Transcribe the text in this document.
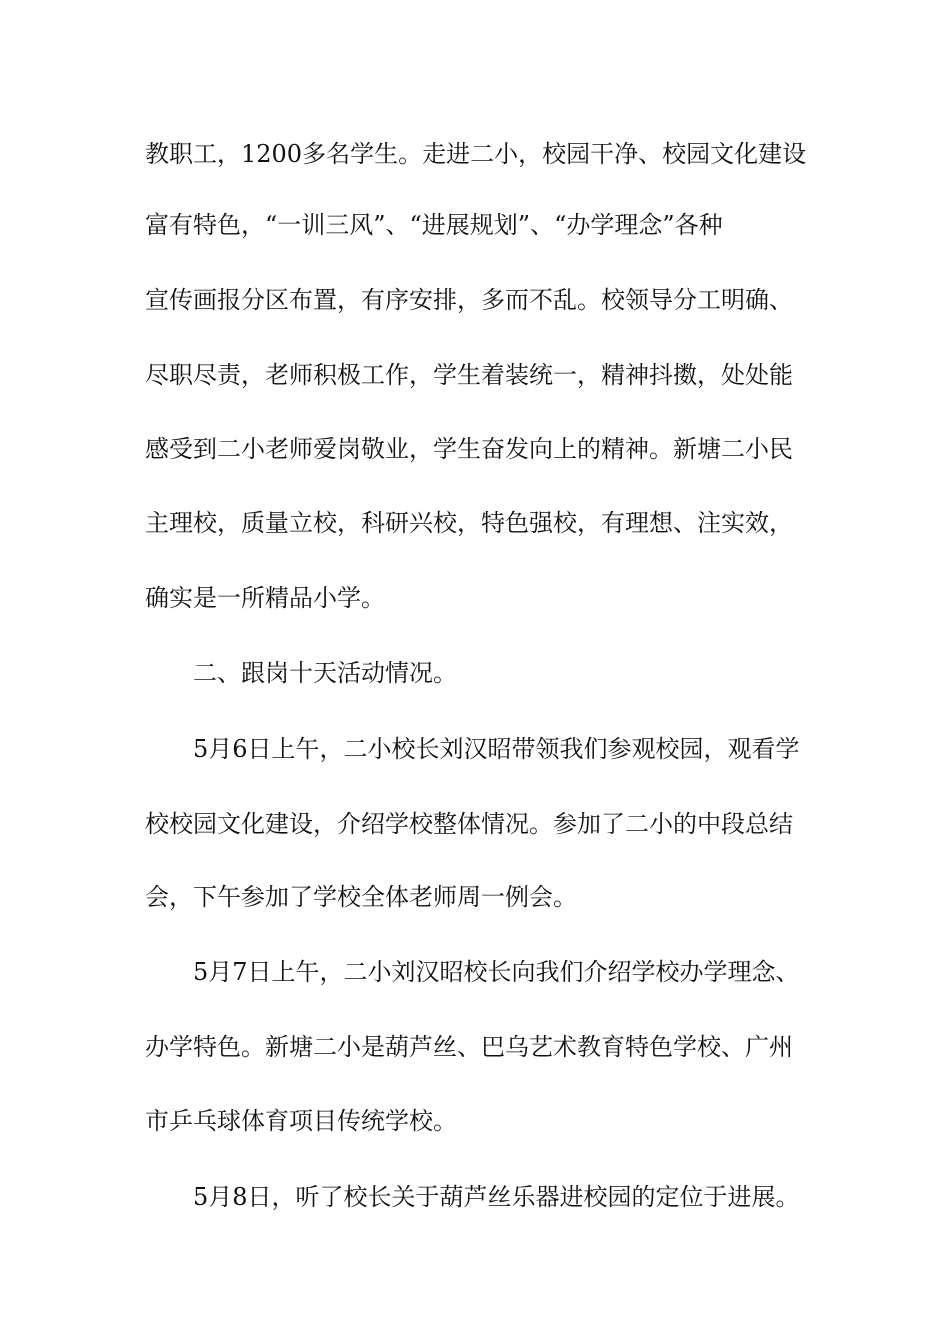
教职工，1200多名学生。走进二小，校园干净、校园文化建设
富有特色，“一训三风”、“进展规划”、“办学理念”各种
宣传画报分区布置，有序安排，多而不乱。校领导分工明确、
尽职尽责，老师积极工作，学生着装统一，精神抖擞，处处能
感受到二小老师爱岗敬业，学生奋发向上的精神。新塘二小民
主理校，质量立校，科研兴校，特色强校，有理想、注实效，
确实是一所精品小学。
二、跟岗十天活动情况。
5月6日上午，二小校长刘汉昭带领我们参观校园，观看学
校校园文化建设，介绍学校整体情况。参加了二小的中段总结
会，下午参加了学校全体老师周一例会。
5月7日上午，二小刘汉昭校长向我们介绍学校办学理念、
办学特色。新塘二小是葫芦丝、巴乌艺术教育特色学校、广州
市乒乓球体育项目传统学校。
5月8日，听了校长关于葫芦丝乐器进校园的定位于进展。
